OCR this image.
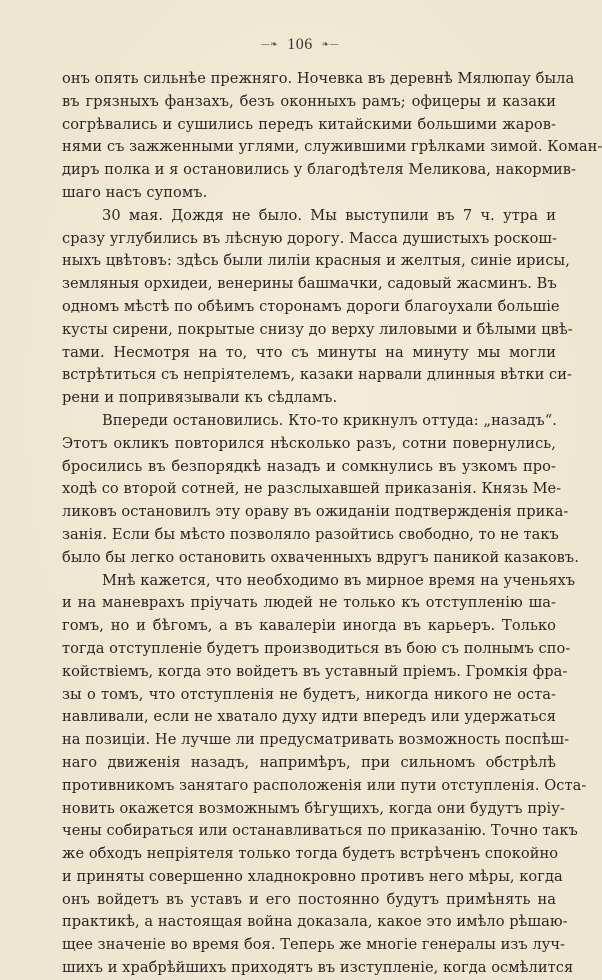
—❧ 106 ❧—
онъ опять сильнѣе прежняго. Ночевка въ деревнѣ Мялюпау была
въ грязныхъ фанзахъ, безъ оконныхъ рамъ; офицеры и казаки
согрѣвались и сушились передъ китайскими большими жаров-
нями съ зажженными углями, служившими грѣлками зимой. Коман-
диръ полка и я остановились у благодѣтеля Меликова, накормив-
шаго насъ супомъ.
30 мая. Дождя не было. Мы выступили въ 7 ч. утра и
сразу углубились въ лѣсную дорогу. Масса душистыхъ роскош-
ныхъ цвѣтовъ: здѣсь были лилiи красныя и желтыя, синiе ирисы,
земляныя орхидеи, венерины башмачки, садовый жасминъ. Въ
одномъ мѣстѣ по обѣимъ сторонамъ дороги благоухали большiе
кусты сирени, покрытые снизу до верху лиловыми и бѣлыми цвѣ-
тами. Несмотря на то, что съ минуты на минуту мы могли
встрѣтиться съ непрiятелемъ, казаки нарвали длинныя вѣтки си-
рени и попривязывали къ сѣдламъ.
Впереди остановились. Кто-то крикнулъ оттуда: „назадъ“.
Этотъ окликъ повторился нѣсколько разъ, сотни повернулись,
бросились въ безпорядкѣ назадъ и сомкнулись въ узкомъ про-
ходѣ со второй сотней, не разслыхавшей приказанiя. Князь Ме-
ликовъ остановилъ эту ораву въ ожиданiи подтвержденiя прика-
занiя. Если бы мѣсто позволяло разойтись свободно, то не такъ
было бы легко остановить охваченныхъ вдругъ паникой казаковъ.
Мнѣ кажется, что необходимо въ мирное время на ученьяхъ
и на маневрахъ прiучать людей не только къ отступленiю ша-
гомъ, но и бѣгомъ, а въ кавалерiи иногда въ карьеръ. Только
тогда отступленiе будетъ производиться въ бою съ полнымъ спо-
койствiемъ, когда это войдетъ въ уставный прiемъ. Громкiя фра-
зы о томъ, что отступленiя не будетъ, никогда никого не оста-
навливали, если не хватало духу идти впередъ или удержаться
на позицiи. Не лучше ли предусматривать возможность поспѣш-
наго движенiя назадъ, напримѣръ, при сильномъ обстрѣлѣ
противникомъ занятаго расположенiя или пути отступленiя. Оста-
новить окажется возможнымъ бѣгущихъ, когда они будутъ прiу-
чены собираться или останавливаться по приказанiю. Точно такъ
же обходъ непрiятеля только тогда будетъ встрѣченъ спокойно
и приняты совершенно хладнокровно противъ него мѣры, когда
онъ войдетъ въ уставъ и его постоянно будутъ примѣнять на
практикѣ, а настоящая война доказала, какое это имѣло рѣшаю-
щее значенiе во время боя. Теперь же многiе генералы изъ луч-
шихъ и храбрѣйшихъ приходятъ въ изступленiе, когда осмѣлится
